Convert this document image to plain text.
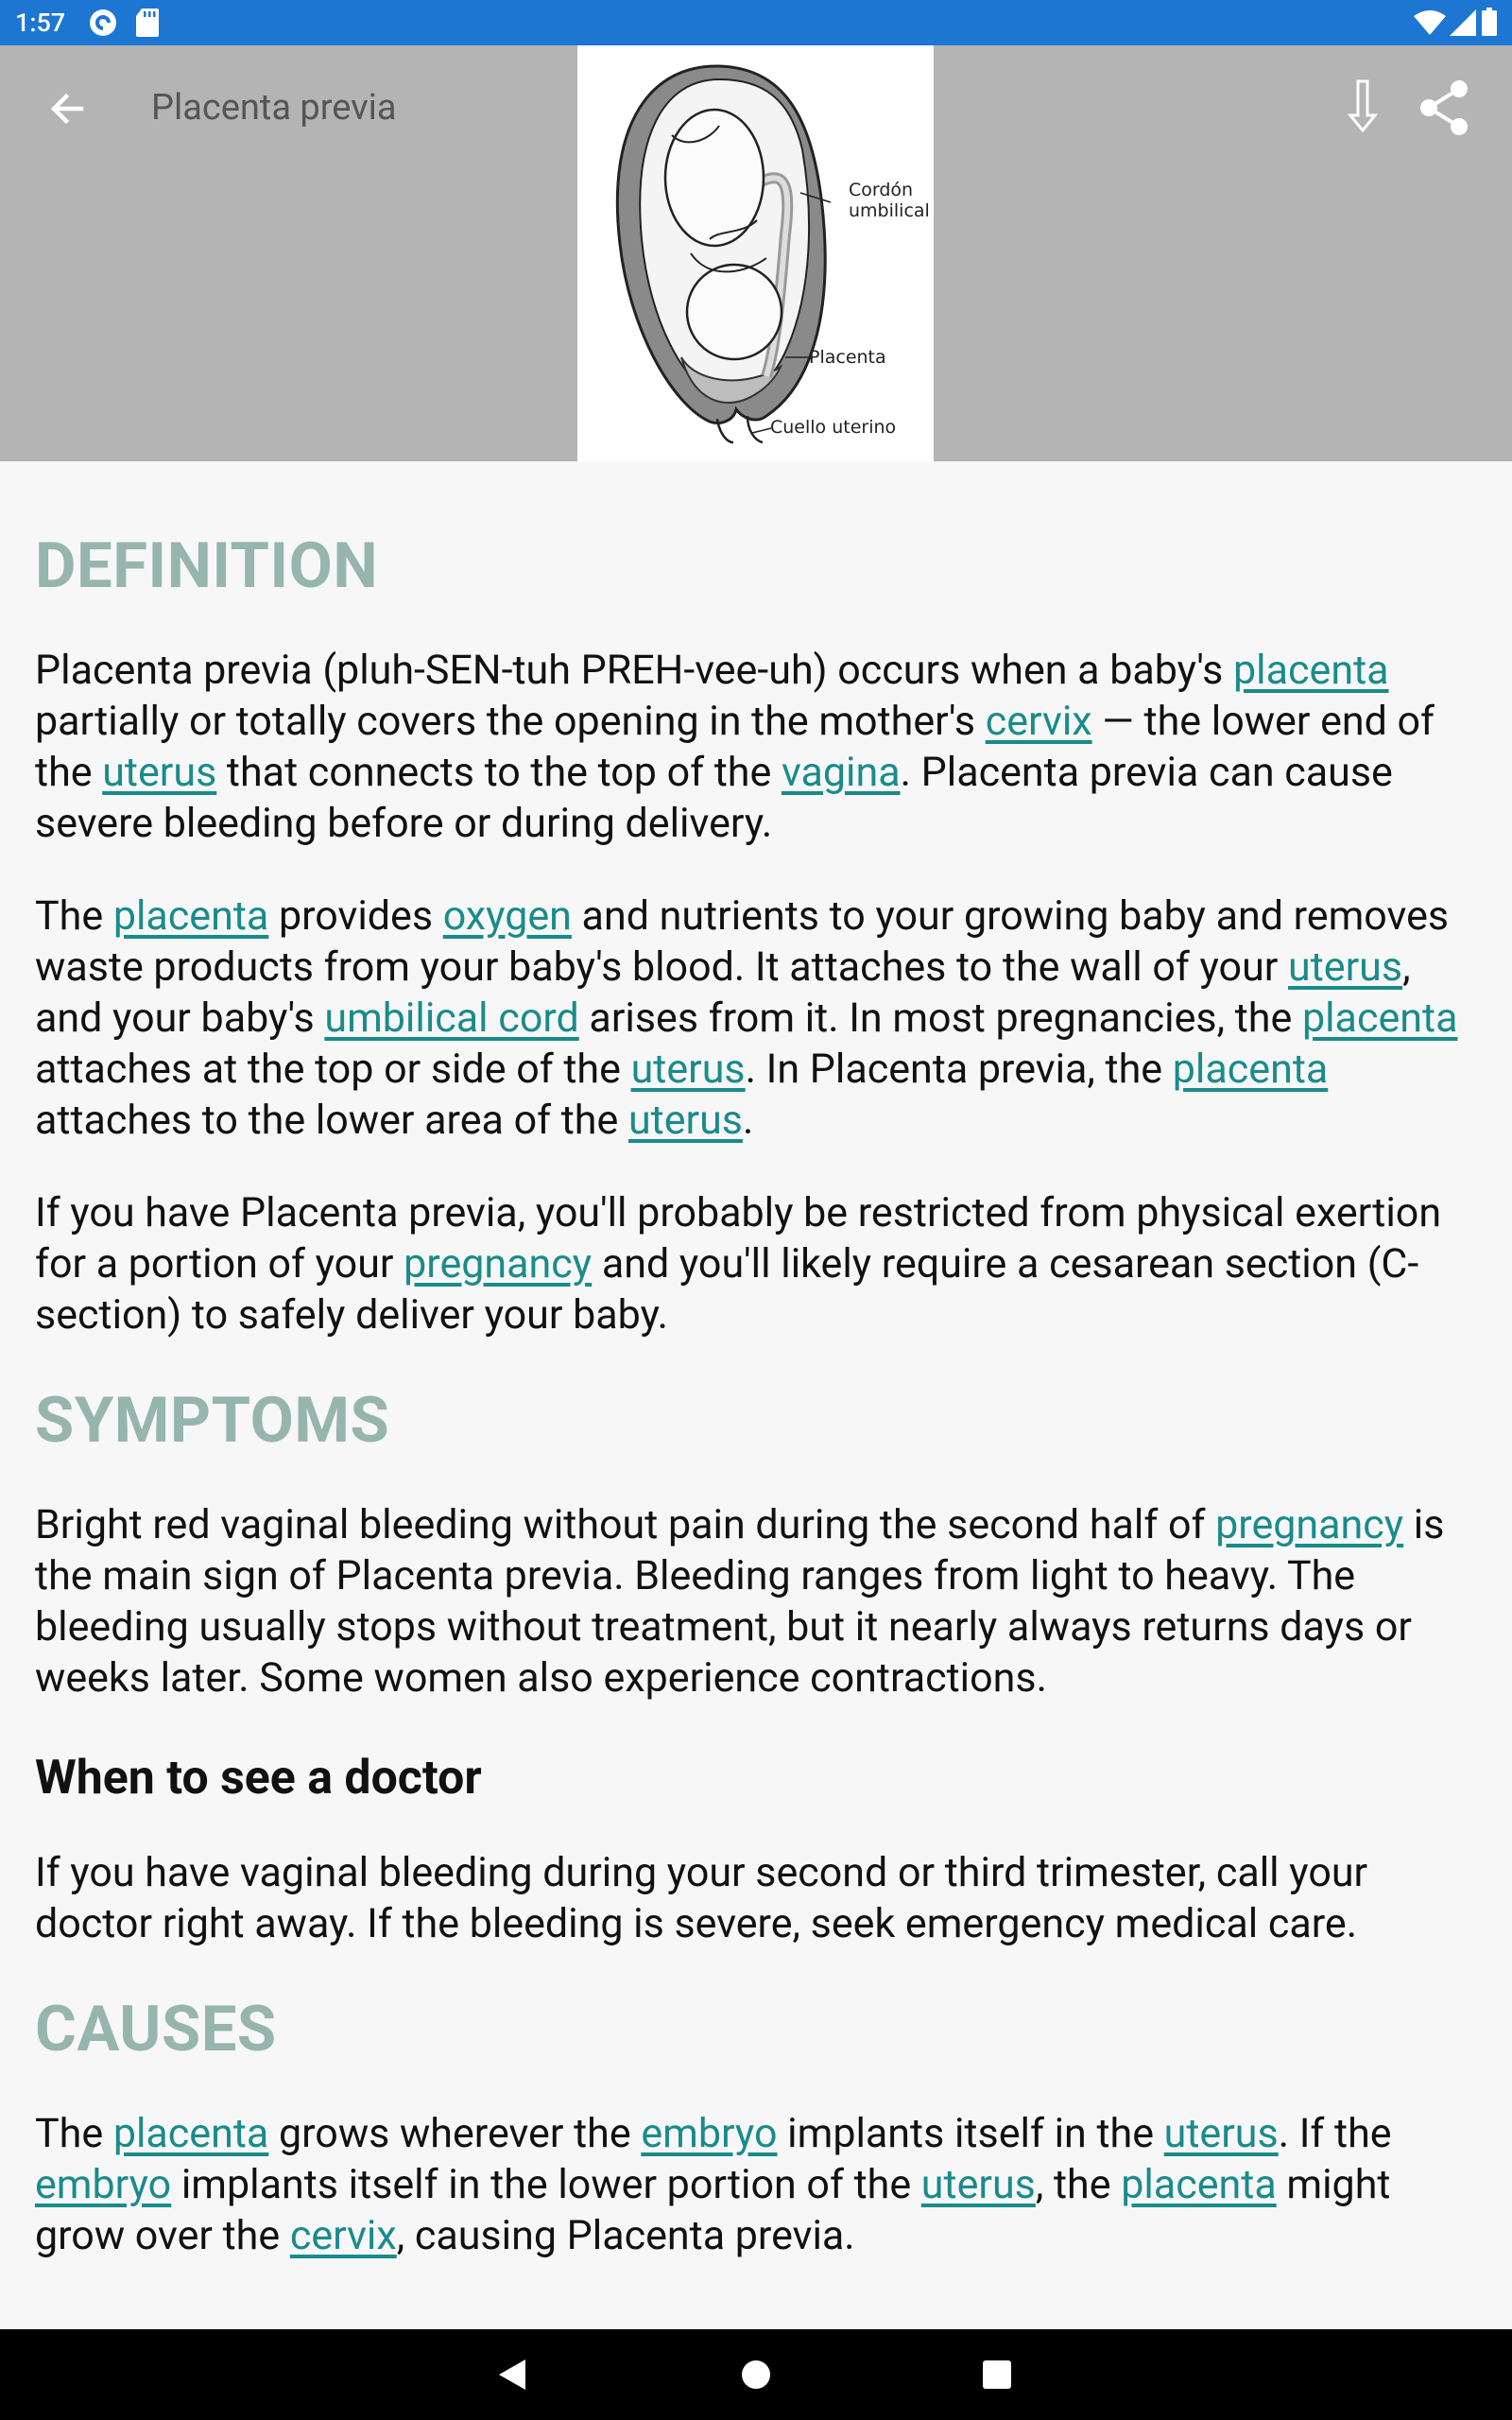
1:57
Placenta previa
Cordón
umbilical
Placenta
Cuello uterino
DEFINITION

Placenta previa (pluh-SEN-tuh PREH-vee-uh) occurs when a baby's placenta partially or totally covers the opening in the mother's cervix — the lower end of the uterus that connects to the top of the vagina. Placenta previa can cause severe bleeding before or during delivery.

The placenta provides oxygen and nutrients to your growing baby and removes waste products from your baby's blood. It attaches to the wall of your uterus, and your baby's umbilical cord arises from it. In most pregnancies, the placenta attaches at the top or side of the uterus. In Placenta previa, the placenta attaches to the lower area of the uterus.

If you have Placenta previa, you'll probably be restricted from physical exertion for a portion of your pregnancy and you'll likely require a cesarean section (C-section) to safely deliver your baby.

SYMPTOMS

Bright red vaginal bleeding without pain during the second half of pregnancy is the main sign of Placenta previa. Bleeding ranges from light to heavy. The bleeding usually stops without treatment, but it nearly always returns days or weeks later. Some women also experience contractions.

When to see a doctor

If you have vaginal bleeding during your second or third trimester, call your doctor right away. If the bleeding is severe, seek emergency medical care.

CAUSES

The placenta grows wherever the embryo implants itself in the uterus. If the embryo implants itself in the lower portion of the uterus, the placenta might grow over the cervix, causing Placenta previa.
